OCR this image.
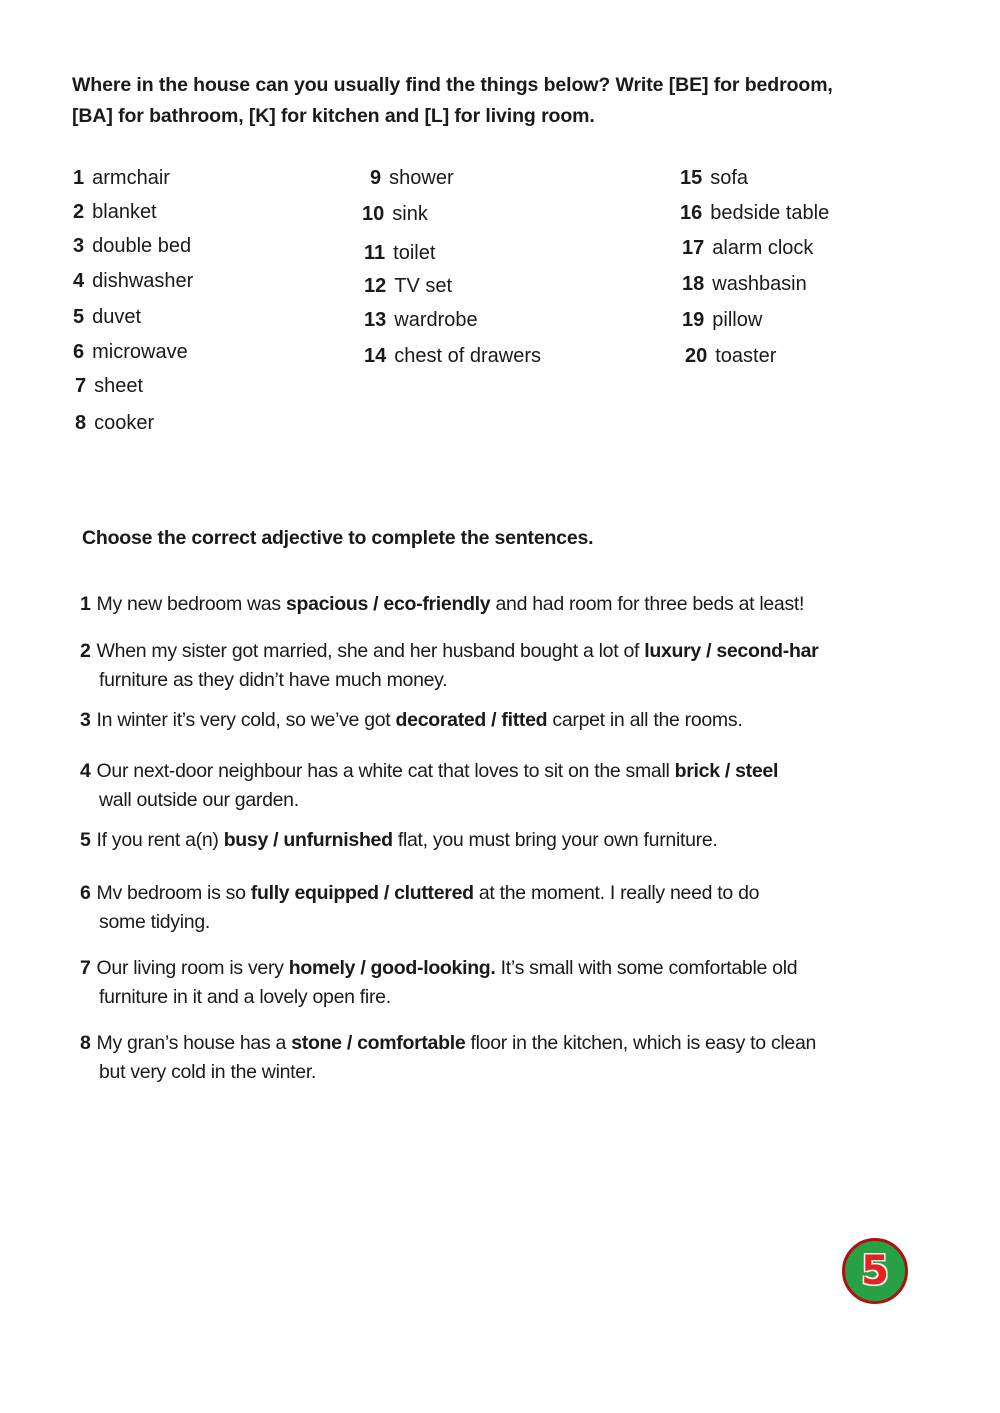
Where in the house can you usually find the things below? Write [BE] for bedroom,
[BA] for bathroom, [K] for kitchen and [L] for living room.
1 armchair
2 blanket
3 double bed
4 dishwasher
5 duvet
6 microwave
7 sheet
8 cooker
9 shower
10 sink
11 toilet
12 TV set
13 wardrobe
14 chest of drawers
15 sofa
16 bedside table
17 alarm clock
18 washbasin
19 pillow
20 toaster
Choose the correct adjective to complete the sentences.
1 My new bedroom was spacious / eco-friendly and had room for three beds at least!
2 When my sister got married, she and her husband bought a lot of luxury / second-har
furniture as they didn’t have much money.
3 In winter it’s very cold, so we’ve got decorated / fitted carpet in all the rooms.
4 Our next-door neighbour has a white cat that loves to sit on the small brick / steel
wall outside our garden.
5 If you rent a(n) busy / unfurnished flat, you must bring your own furniture.
6 Mv bedroom is so fully equipped / cluttered at the moment. I really need to do
some tidying.
7 Our living room is very homely / good-looking. It’s small with some comfortable old
furniture in it and a lovely open fire.
8 My gran’s house has a stone / comfortable floor in the kitchen, which is easy to clean
but very cold in the winter.
5
